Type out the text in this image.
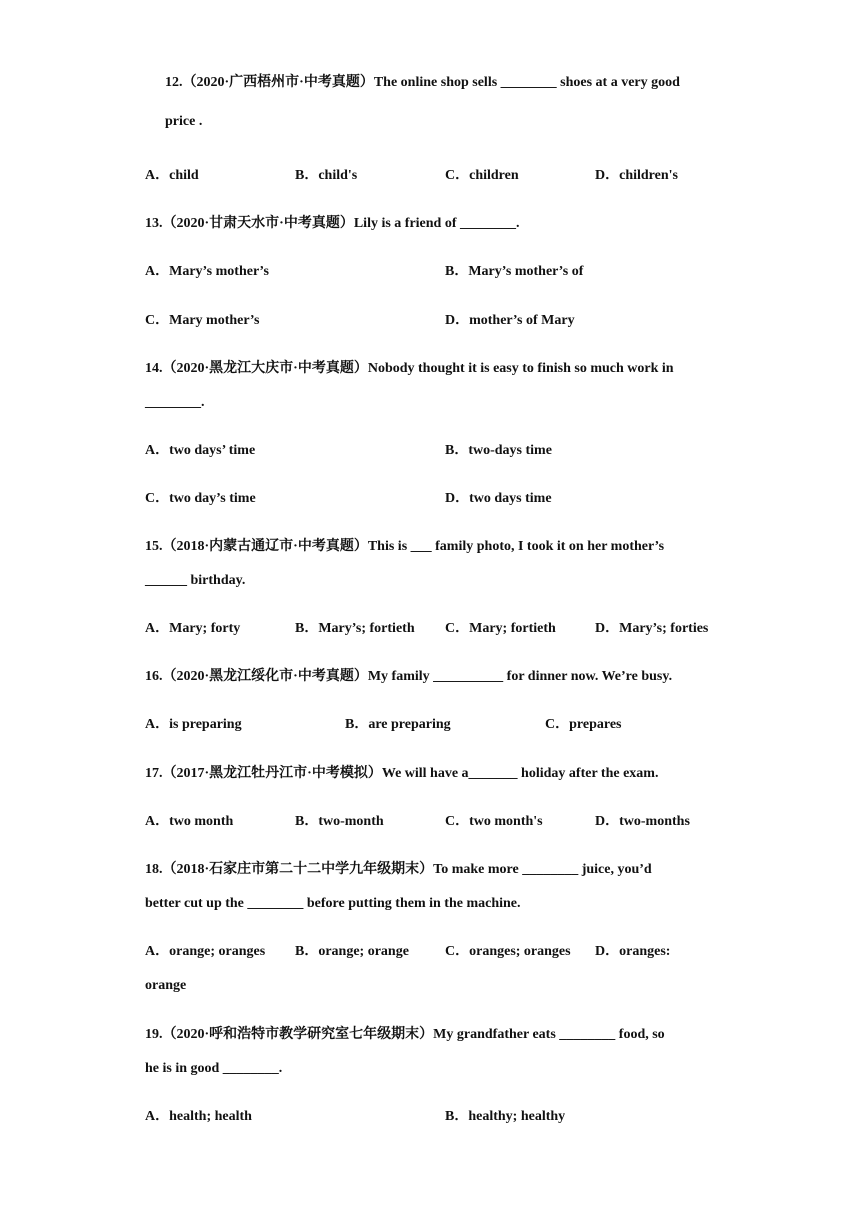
12.（2020·广西梧州市·中考真题）The online shop sells ________ shoes at a very good
price .
A．child	B．child's	C．children	D．children's
13.（2020·甘肃天水市·中考真题）Lily is a friend of ________.
A．Mary’s mother’s	B．Mary’s mother’s of
C．Mary mother’s	D．mother’s of Mary
14.（2020·黑龙江大庆市·中考真题）Nobody thought it is easy to finish so much work in
________.
A．two days’ time	B．two-days time
C．two day’s time	D．two days time
15.（2018·内蒙古通辽市·中考真题）This is ___ family photo, I took it on her mother’s
______ birthday.
A．Mary; forty	B．Mary’s; fortieth C．Mary; fortieth	D．Mary’s; forties
16.（2020·黑龙江绥化市·中考真题）My family __________ for dinner now. We’re busy.
A．is preparing	B．are preparing	C．prepares
17.（2017·黑龙江牡丹江市·中考模拟）We will have a_______ holiday after the exam.
A．two month	B．two-month	C．two month's	D．two-months
18.（2018·石家庄市第二十二中学九年级期末）To make more ________ juice, you’d
better cut up the ________ before putting them in the machine.
A．orange; oranges B．orange; orange	C．oranges; oranges D．oranges:
orange
19.（2020·呼和浩特市教学研究室七年级期末）My grandfather eats ________ food, so
he is in good ________.
A．health; health	B．healthy; healthy
